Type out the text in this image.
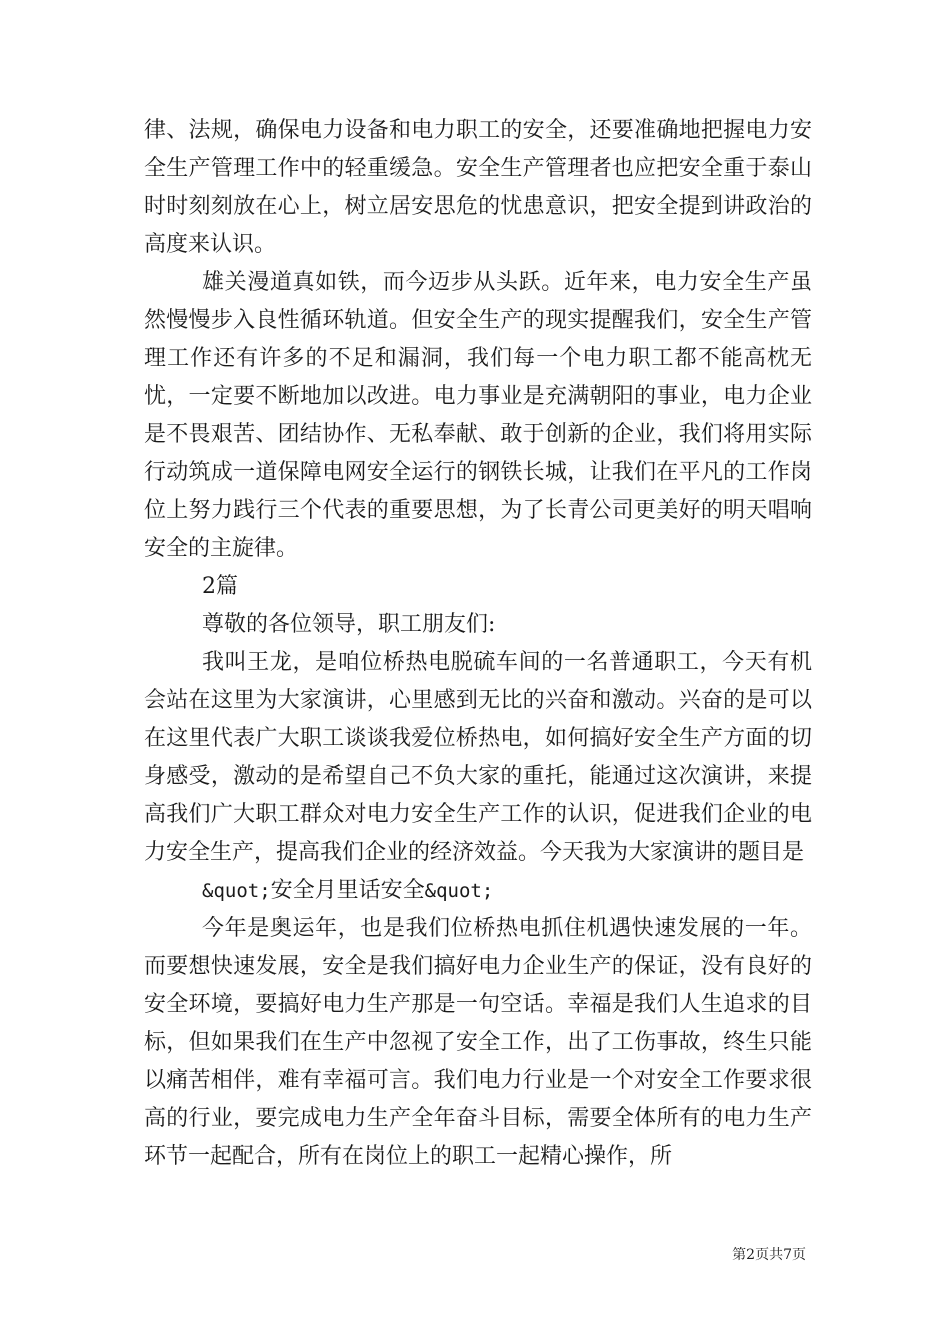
律、法规，确保电力设备和电力职工的安全，还要准确地把握电力安全生产管理工作中的轻重缓急。安全生产管理者也应把安全重于泰山时时刻刻放在心上，树立居安思危的忧患意识，把安全提到讲政治的高度来认识。

雄关漫道真如铁，而今迈步从头跃。近年来，电力安全生产虽然慢慢步入良性循环轨道。但安全生产的现实提醒我们，安全生产管理工作还有许多的不足和漏洞，我们每一个电力职工都不能高枕无忧，一定要不断地加以改进。电力事业是充满朝阳的事业，电力企业是不畏艰苦、团结协作、无私奉献、敢于创新的企业，我们将用实际行动筑成一道保障电网安全运行的钢铁长城，让我们在平凡的工作岗位上努力践行三个代表的重要思想，为了长青公司更美好的明天唱响安全的主旋律。

2篇

尊敬的各位领导，职工朋友们:

我叫王龙，是咱位桥热电脱硫车间的一名普通职工，今天有机会站在这里为大家演讲，心里感到无比的兴奋和激动。兴奋的是可以在这里代表广大职工谈谈我爱位桥热电，如何搞好安全生产方面的切身感受，激动的是希望自己不负大家的重托，能通过这次演讲，来提高我们广大职工群众对电力安全生产工作的认识，促进我们企业的电力安全生产，提高我们企业的经济效益。今天我为大家演讲的题目是

&quot;安全月里话安全&quot;

今年是奥运年，也是我们位桥热电抓住机遇快速发展的一年。而要想快速发展，安全是我们搞好电力企业生产的保证，没有良好的安全环境，要搞好电力生产那是一句空话。幸福是我们人生追求的目标，但如果我们在生产中忽视了安全工作，出了工伤事故，终生只能以痛苦相伴，难有幸福可言。我们电力行业是一个对安全工作要求很高的行业，要完成电力生产全年奋斗目标，需要全体所有的电力生产环节一起配合，所有在岗位上的职工一起精心操作，所

第2页共7页
